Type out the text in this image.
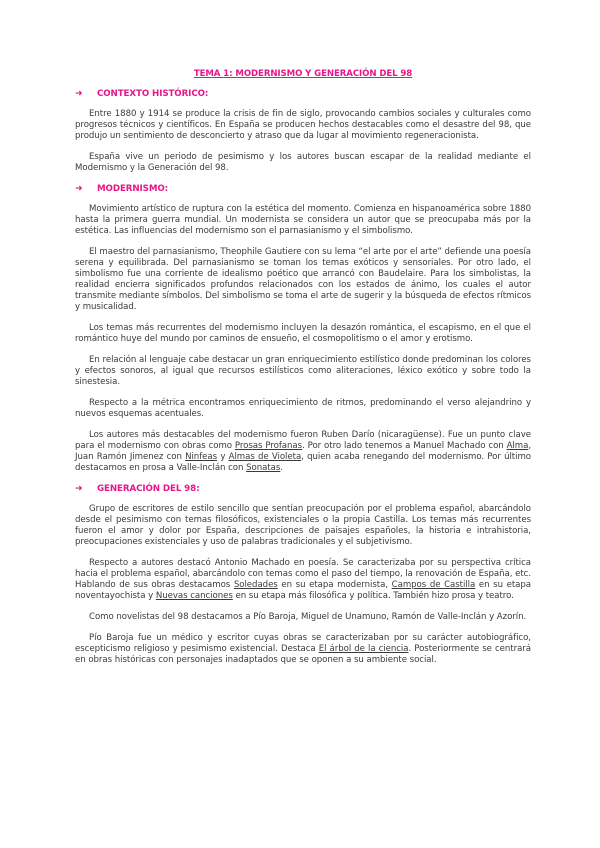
TEMA 1: MODERNISMO Y GENERACIÓN DEL 98
➜	CONTEXTO HISTÓRICO:

Entre 1880 y 1914 se produce la crisis de fin de siglo, provocando cambios sociales y culturales como progresos técnicos y científicos. En España se producen hechos destacables como el desastre del 98, que produjo un sentimiento de desconcierto y atraso que da lugar al movimiento regeneracionista.

España vive un periodo de pesimismo y los autores buscan escapar de la realidad mediante el Modernismo y la Generación del 98.

➜	MODERNISMO:

Movimiento artístico de ruptura con la estética del momento. Comienza en hispanoamérica sobre 1880 hasta la primera guerra mundial. Un modernista se considera un autor que se preocupaba más por la estética. Las influencias del modernismo son el parnasianismo y el simbolismo.

El maestro del parnasianismo, Theophile Gautiere con su lema “el arte por el arte” defiende una poesía serena y equilibrada. Del parnasianismo se toman los temas exóticos y sensoriales. Por otro lado, el simbolismo fue una corriente de idealismo poético que arrancó con Baudelaire. Para los simbolistas, la realidad encierra significados profundos relacionados con los estados de ánimo, los cuales el autor transmite mediante símbolos. Del simbolismo se toma el arte de sugerir y la búsqueda de efectos rítmicos y musicalidad.

Los temas más recurrentes del modernismo incluyen la desazón romántica, el escapismo, en el que el romántico huye del mundo por caminos de ensueño, el cosmopolitismo o el amor y erotismo.

En relación al lenguaje cabe destacar un gran enriquecimiento estilístico donde predominan los colores y efectos sonoros, al igual que recursos estilísticos como aliteraciones, léxico exótico y sobre todo la sinestesia.

Respecto a la métrica encontramos enriquecimiento de ritmos, predominando el verso alejandrino y nuevos esquemas acentuales.

Los autores más destacables del modernismo fueron Ruben Darío (nicaragüense). Fue un punto clave para el modernismo con obras como Prosas Profanas. Por otro lado tenemos a Manuel Machado con Alma, Juan Ramón Jimenez con Ninfeas y Almas de Violeta, quien acaba renegando del modernismo. Por último destacamos en prosa a Valle-Inclán con Sonatas.

➜	GENERACIÓN DEL 98:

Grupo de escritores de estilo sencillo que sentían preocupación por el problema español, abarcándolo desde el pesimismo con temas filosóficos, existenciales o la propia Castilla. Los temas más recurrentes fueron el amor y dolor por España, descripciones de paisajes españoles, la historia e intrahistoria, preocupaciones existenciales y uso de palabras tradicionales y el subjetivismo.

Respecto a autores destacó Antonio Machado en poesía. Se caracterizaba por su perspectiva crítica hacia el problema español, abarcándolo con temas como el paso del tiempo, la renovación de España, etc. Hablando de sus obras destacamos Soledades en su etapa modernista, Campos de Castilla en su etapa noventayochista y Nuevas canciones en su etapa más filosófica y política. También hizo prosa y teatro.

Como novelistas del 98 destacamos a Pío Baroja, Miguel de Unamuno, Ramón de Valle-Inclán y Azorín.

Pío Baroja fue un médico y escritor cuyas obras se caracterizaban por su carácter autobiográfico, escepticismo religioso y pesimismo existencial. Destaca El árbol de la ciencia. Posteriormente se centrará en obras históricas con personajes inadaptados que se oponen a su ambiente social.
